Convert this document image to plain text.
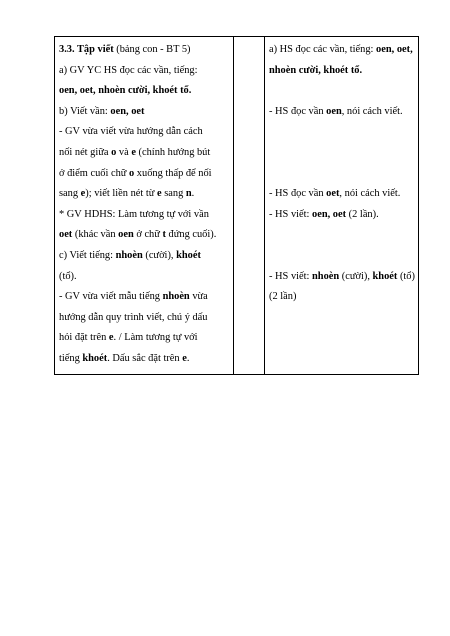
3.3. Tập viết (bảng con - BT 5)
a) GV YC HS đọc các vần, tiếng:
oen, oet, nhoèn cười, khoét tổ.
b) Viết vần: oen, oet
- GV vừa viết vừa hướng dẫn cách
nối nét giữa o và e (chính hướng bút
ở điểm cuối chữ o xuống thấp để nối
sang e); viết liền nét từ e sang n.
* GV HDHS: Làm tương tự với vần
oet (khác vần oen ở chữ t đứng cuối).
c) Viết tiếng: nhoèn (cười), khoét
(tổ).
- GV vừa viết mẫu tiếng nhoèn vừa
hướng dẫn quy trình viết, chú ý dấu
hỏi đặt trên e. / Làm tương tự với
tiếng khoét. Dấu sắc đặt trên e.

a) HS đọc các vần, tiếng: oen, oet,
nhoèn cười, khoét tổ.
- HS đọc vần oen, nói cách viết.
- HS đọc vần oet, nói cách viết.
- HS viết: oen, oet (2 lần).
- HS viết: nhoèn (cười), khoét (tổ)
(2 lần)
